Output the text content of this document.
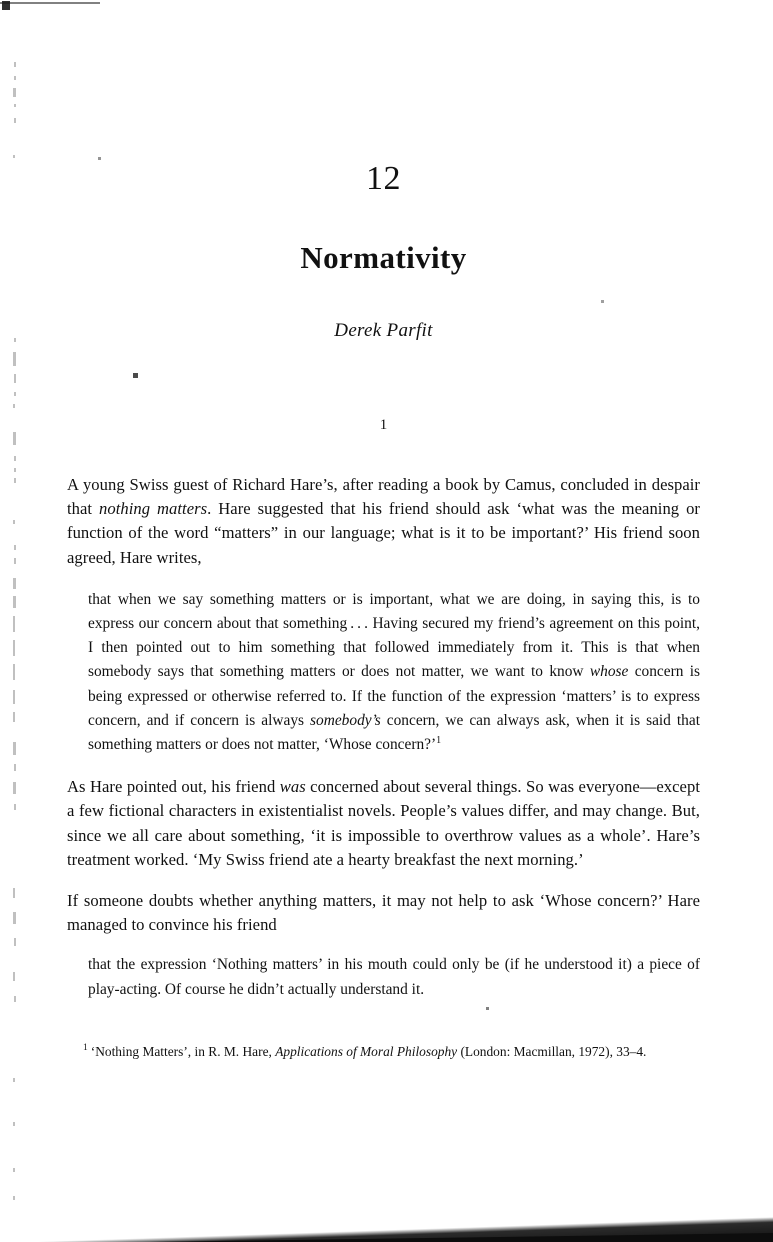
12
Normativity
Derek Parfit
1

A young Swiss guest of Richard Hare’s, after reading a book by Camus, concluded in despair that nothing matters. Hare suggested that his friend should ask ‘what was the meaning or function of the word “matters” in our language; what is it to be important?’ His friend soon agreed, Hare writes,

that when we say something matters or is important, what we are doing, in saying this, is to express our concern about that something . . . Having secured my friend’s agreement on this point, I then pointed out to him something that followed immediately from it. This is that when somebody says that something matters or does not matter, we want to know whose concern is being expressed or otherwise referred to. If the function of the expression ‘matters’ is to express concern, and if concern is always somebody’s concern, we can always ask, when it is said that something matters or does not matter, ‘Whose concern?’$^1$

As Hare pointed out, his friend was concerned about several things. So was everyone—except a few fictional characters in existentialist novels. People’s values differ, and may change. But, since we all care about something, ‘it is impossible to overthrow values as a whole’. Hare’s treatment worked. ‘My Swiss friend ate a hearty breakfast the next morning.’

If someone doubts whether anything matters, it may not help to ask ‘Whose concern?’ Hare managed to convince his friend

that the expression ‘Nothing matters’ in his mouth could only be (if he understood it) a piece of play-acting. Of course he didn’t actually understand it.

$^1$ ‘Nothing Matters’, in R. M. Hare, Applications of Moral Philosophy (London: Macmillan, 1972), 33–4.
